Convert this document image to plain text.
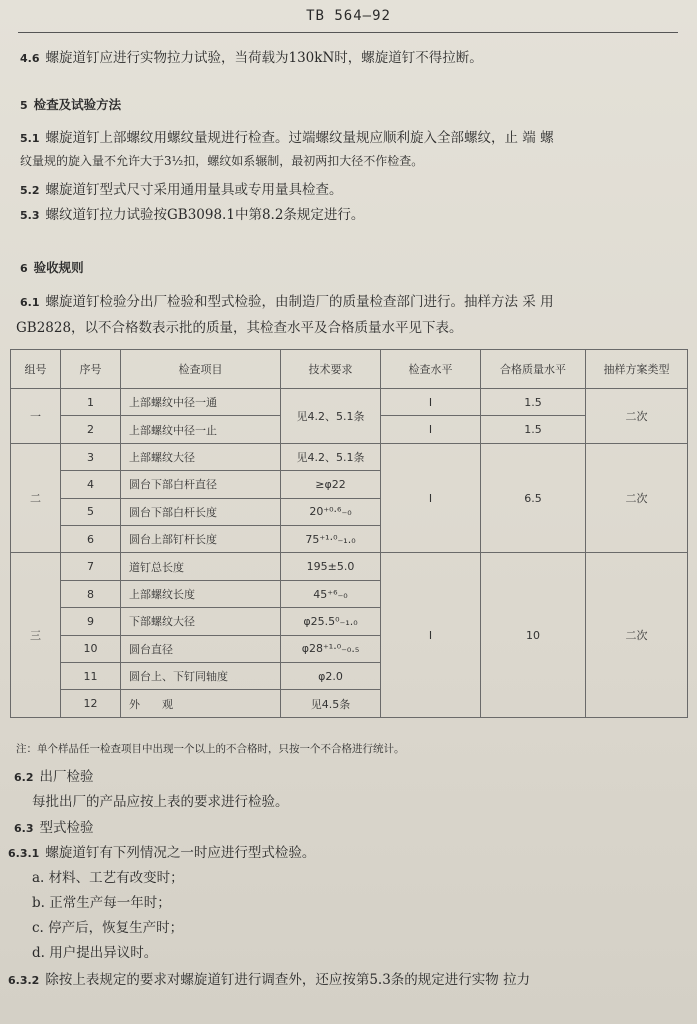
TB 564—92
4.6 螺旋道钉应进行实物拉力试验，当荷载为130kN时，螺旋道钉不得拉断。
5 检查及试验方法
5.1 螺旋道钉上部螺纹用螺纹量规进行检查。过端螺纹量规应顺利旋入全部螺纹，止 端 螺
纹量规的旋入量不允许大于3½扣，螺纹如系辗制，最初两扣大径不作检查。
5.2 螺旋道钉型式尺寸采用通用量具或专用量具检查。
5.3 螺纹道钉拉力试验按GB3098.1中第8.2条规定进行。
6 验收规则
6.1 螺旋道钉检验分出厂检验和型式检验，由制造厂的质量检查部门进行。抽样方法 采 用
GB2828，以不合格数表示批的质量，其检查水平及合格质量水平见下表。
组号	序号	检查项目	技术要求	检查水平	合格质量水平	抽样方案类型
一	1	上部螺纹中径一通	见4.2、5.1条	I	1.5	二次
	2	上部螺纹中径一止		I	1.5	
二	3	上部螺纹大径	见4.2、5.1条	I	6.5	二次
	4	圆台下部白杆直径	≥φ22			
	5	圆台下部白杆长度	20⁺⁰·⁶₋₀			
	6	圆台上部钉杆长度	75⁺¹·⁰₋₁.₀			
三	7	道钉总长度	195±5.0	I	10	二次
	8	上部螺纹长度	45⁺⁶₋₀			
	9	下部螺纹大径	φ25.5⁰₋₁.₀			
	10	圆台直径	φ28⁺¹·⁰₋₀.₅			
	11	圆台上、下钉同轴度	φ2.0			
	12	外　　观	见4.5条			
注：单个样品任一检查项目中出现一个以上的不合格时，只按一个不合格进行统计。
6.2 出厂检验
每批出厂的产品应按上表的要求进行检验。
6.3 型式检验
6.3.1 螺旋道钉有下列情况之一时应进行型式检验。
a. 材料、工艺有改变时；
b. 正常生产每一年时；
c. 停产后，恢复生产时；
d. 用户提出异议时。
6.3.2 除按上表规定的要求对螺旋道钉进行调查外，还应按第5.3条的规定进行实物 拉力
